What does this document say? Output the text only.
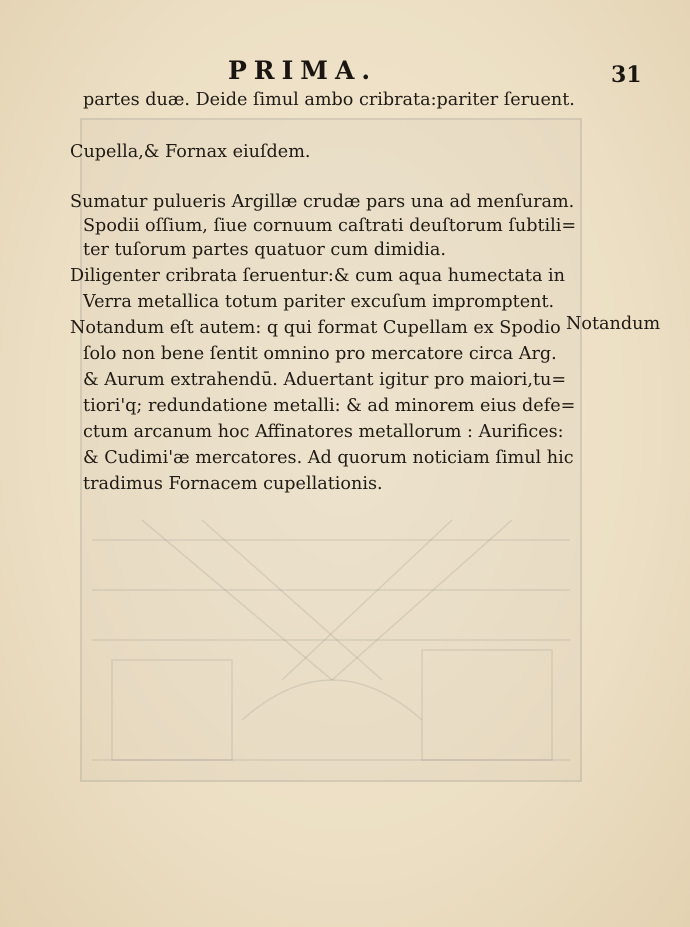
PRIMA.	31
partes duæ. Deide ſimul ambo cribrata:pariter ſeruent.
Cupella,& Fornax eiuſdem.
Sumatur pulueris Argillæ crudæ pars una ad menſuram.
Spodii oſſium, ſiue cornuum caſtrati deuſtorum ſubtili=
ter tuſorum partes quatuor cum dimidia.
Diligenter cribrata ſeruentur:& cum aqua humectata in
Verra metallica totum pariter excuſum impromptent.
Notandum eſt autem: q qui format Cupellam ex Spodio
ſolo non bene ſentit omnino pro mercatore circa Arg.
& Aurum extrahendū. Aduertant igitur pro maiori,tu=
tiori'q; redundatione metalli: & ad minorem eius defe=
ctum arcanum hoc Affinatores metallorum : Aurifices:
& Cudimi'æ mercatores. Ad quorum noticiam ſimul hic
tradimus Fornacem cupellationis.
Notandum
